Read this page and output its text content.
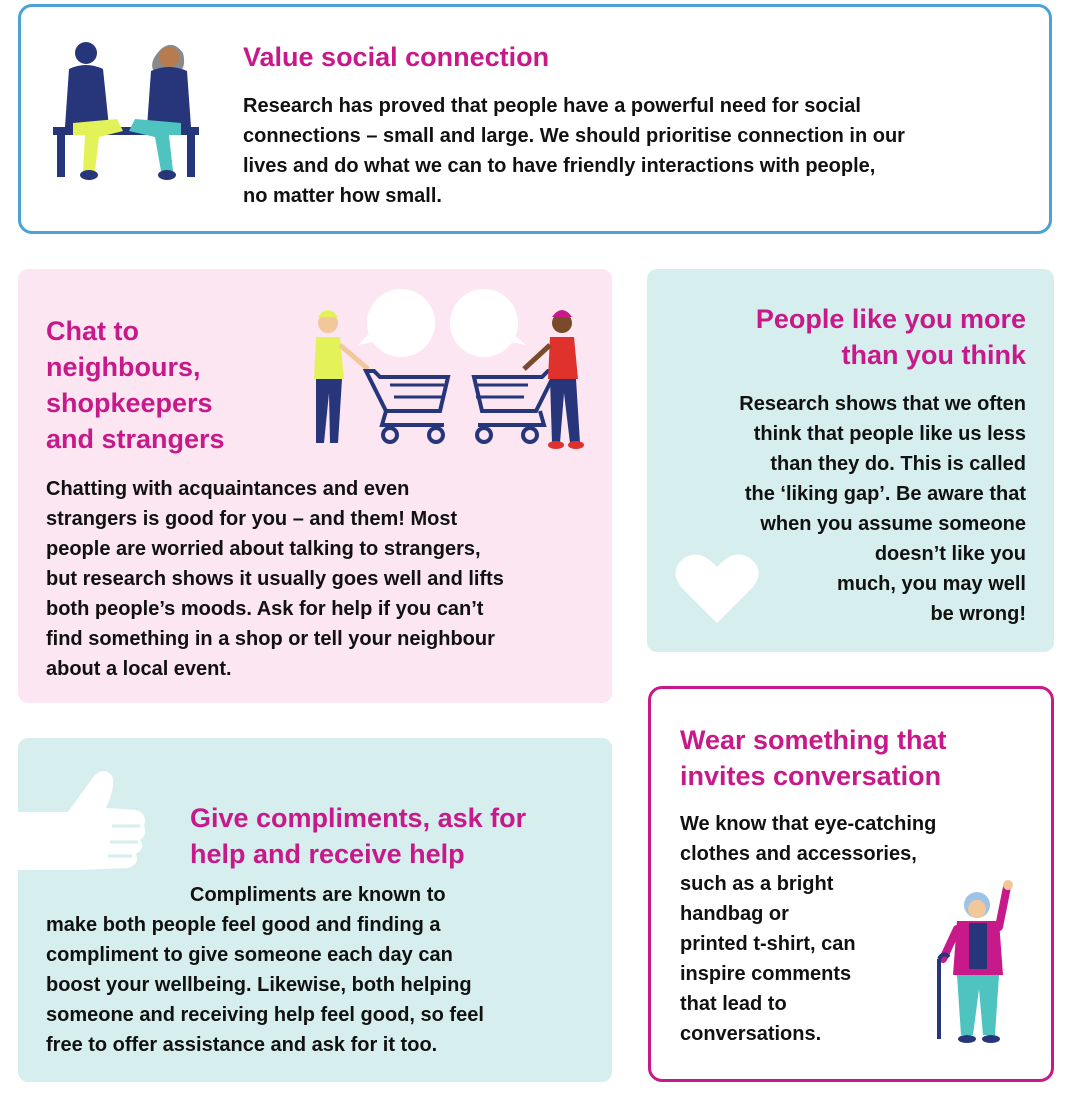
Value social connection
Research has proved that people have a powerful need for social
connections – small and large. We should prioritise connection in our
lives and do what we can to have friendly interactions with people,
no matter how small.
Chat to
neighbours,
shopkeepers
and strangers
Chatting with acquaintances and even
strangers is good for you – and them! Most
people are worried about talking to strangers,
but research shows it usually goes well and lifts
both people’s moods. Ask for help if you can’t
find something in a shop or tell your neighbour
about a local event.
People like you more
than you think
Research shows that we often
think that people like us less
than they do. This is called
the ‘liking gap’. Be aware that
when you assume someone
doesn’t like you
much, you may well
be wrong!
Give compliments, ask for
help and receive help
Compliments are known to
make both people feel good and finding a
compliment to give someone each day can
boost your wellbeing. Likewise, both helping
someone and receiving help feel good, so feel
free to offer assistance and ask for it too.
Wear something that
invites conversation
We know that eye-catching
clothes and accessories,
such as a bright
handbag or
printed t-shirt, can
inspire comments
that lead to
conversations.
